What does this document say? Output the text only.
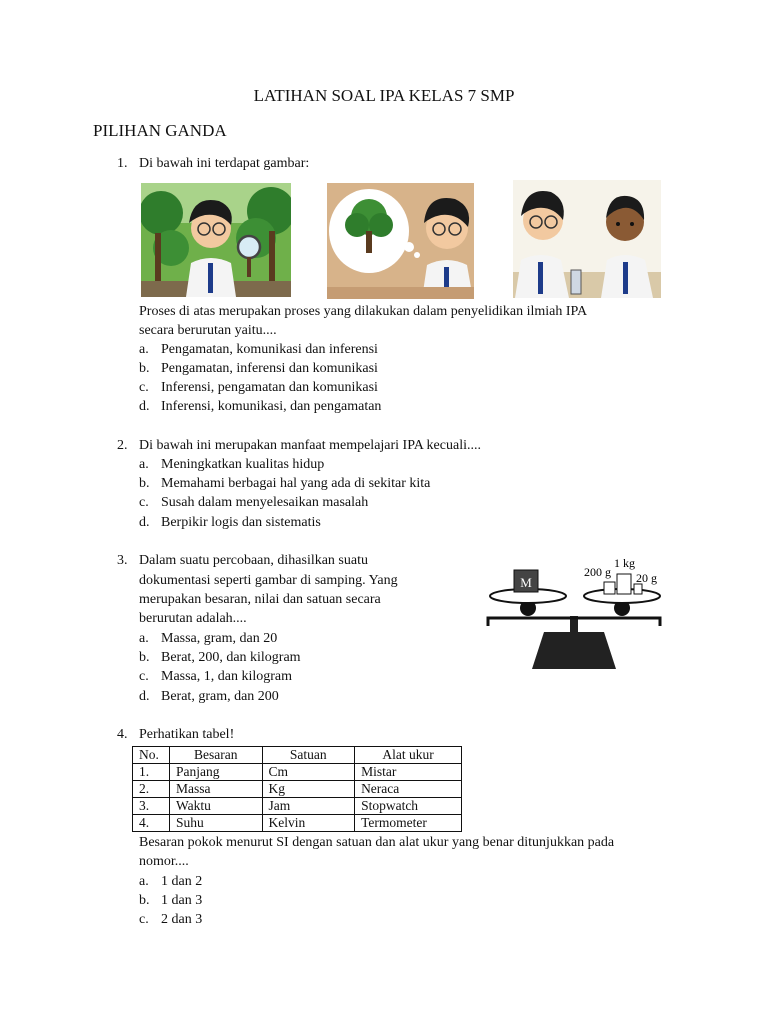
LATIHAN SOAL IPA KELAS 7 SMP
PILIHAN GANDA
1. Di bawah ini terdapat gambar:
Proses di atas merupakan proses yang dilakukan dalam penyelidikan ilmiah IPA
secara berurutan yaitu....
a. Pengamatan, komunikasi dan inferensi
b. Pengamatan, inferensi dan komunikasi
c. Inferensi, pengamatan dan komunikasi
d. Inferensi, komunikasi, dan pengamatan
2. Di bawah ini merupakan manfaat mempelajari IPA kecuali....
a. Meningkatkan kualitas hidup
b. Memahami berbagai hal yang ada di sekitar kita
c. Susah dalam menyelesaikan masalah
d. Berpikir logis dan sistematis
3. Dalam suatu percobaan, dihasilkan suatu
dokumentasi seperti gambar di samping. Yang
merupakan besaran, nilai dan satuan secara
berurutan adalah....
a. Massa, gram, dan 20
b. Berat, 200, dan kilogram
c. Massa, 1, dan kilogram
d. Berat, gram, dan 200
M
200 g
1 kg
20 g
4. Perhatikan tabel!
No.	Besaran	Satuan	Alat ukur
1.	Panjang	Cm	Mistar
2.	Massa	Kg	Neraca
3.	Waktu	Jam	Stopwatch
4.	Suhu	Kelvin	Termometer
Besaran pokok menurut SI dengan satuan dan alat ukur yang benar ditunjukkan pada
nomor....
a. 1 dan 2
b. 1 dan 3
c. 2 dan 3
